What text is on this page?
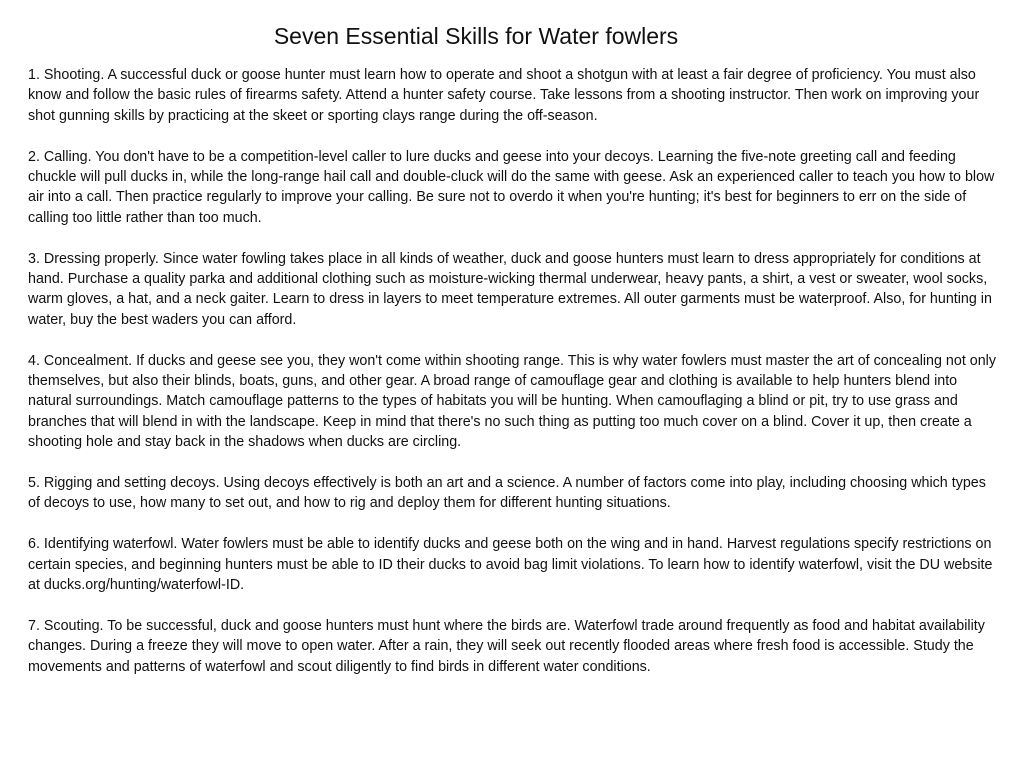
Seven Essential Skills for Water fowlers

1. Shooting. A successful duck or goose hunter must learn how to operate and shoot a shotgun with at least a fair degree of proficiency. You must also know and follow the basic rules of firearms safety. Attend a hunter safety course. Take lessons from a shooting instructor. Then work on improving your shot gunning skills by practicing at the skeet or sporting clays range during the off-season.

2. Calling. You don't have to be a competition-level caller to lure ducks and geese into your decoys. Learning the five-note greeting call and feeding chuckle will pull ducks in, while the long-range hail call and double-cluck will do the same with geese. Ask an experienced caller to teach you how to blow air into a call. Then practice regularly to improve your calling. Be sure not to overdo it when you're hunting; it's best for beginners to err on the side of calling too little rather than too much.

3. Dressing properly. Since water fowling takes place in all kinds of weather, duck and goose hunters must learn to dress appropriately for conditions at hand. Purchase a quality parka and additional clothing such as moisture-wicking thermal underwear, heavy pants, a shirt, a vest or sweater, wool socks, warm gloves, a hat, and a neck gaiter. Learn to dress in layers to meet temperature extremes. All outer garments must be waterproof. Also, for hunting in water, buy the best waders you can afford.

4. Concealment. If ducks and geese see you, they won't come within shooting range. This is why water fowlers must master the art of concealing not only themselves, but also their blinds, boats, guns, and other gear. A broad range of camouflage gear and clothing is available to help hunters blend into natural surroundings. Match camouflage patterns to the types of habitats you will be hunting. When camouflaging a blind or pit, try to use grass and branches that will blend in with the landscape. Keep in mind that there's no such thing as putting too much cover on a blind. Cover it up, then create a shooting hole and stay back in the shadows when ducks are circling.

5. Rigging and setting decoys. Using decoys effectively is both an art and a science. A number of factors come into play, including choosing which types of decoys to use, how many to set out, and how to rig and deploy them for different hunting situations.

6. Identifying waterfowl. Water fowlers must be able to identify ducks and geese both on the wing and in hand. Harvest regulations specify restrictions on certain species, and beginning hunters must be able to ID their ducks to avoid bag limit violations. To learn how to identify waterfowl, visit the DU website at ducks.org/hunting/waterfowl-ID.

7. Scouting. To be successful, duck and goose hunters must hunt where the birds are. Waterfowl trade around frequently as food and habitat availability changes. During a freeze they will move to open water. After a rain, they will seek out recently flooded areas where fresh food is accessible. Study the movements and patterns of waterfowl and scout diligently to find birds in different water conditions.
